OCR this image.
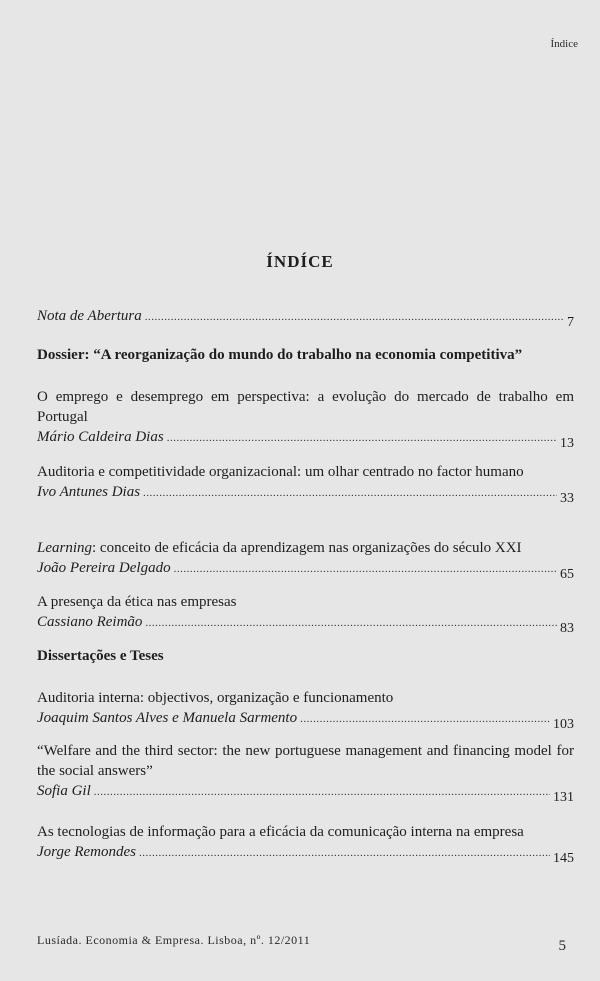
Índice
ÍNDÍCE
Nota de Abertura .....	7
Dossier: “A reorganização do mundo do trabalho na economia competitiva”
O emprego e desemprego em perspectiva: a evolução do mercado de trabalho em Portugal
Mário Caldeira Dias .....	13
Auditoria e competitividade organizacional: um olhar centrado no factor humano
Ivo Antunes Dias .....	33
Learning: conceito de eficácia da aprendizagem nas organizações do século XXI
João Pereira Delgado .....	65
A presença da ética nas empresas
Cassiano Reimão .....	83
Dissertações e Teses
Auditoria interna: objectivos, organização e funcionamento
Joaquim Santos Alves e Manuela Sarmento .....	103
“Welfare and the third sector: the new portuguese management and financing model for the social answers”
Sofia Gil .....	131
As tecnologias de informação para a eficácia da comunicação interna na empresa
Jorge Remondes .....	145
Lusíada. Economia & Empresa. Lisboa, nº. 12/2011	5
